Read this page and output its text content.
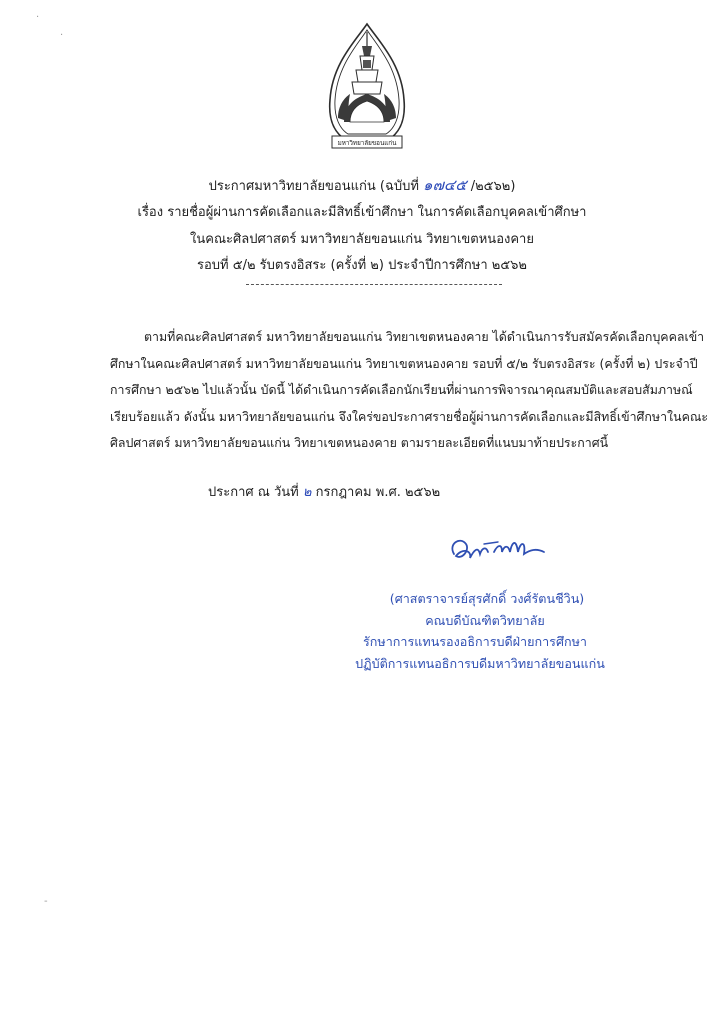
มหาวิทยาลัยขอนแก่น
ประกาศมหาวิทยาลัยขอนแก่น (ฉบับที่ ๑๗๔๕ /๒๕๖๒)
เรื่อง รายชื่อผู้ผ่านการคัดเลือกและมีสิทธิ์เข้าศึกษา ในการคัดเลือกบุคคลเข้าศึกษา
ในคณะศิลปศาสตร์ มหาวิทยาลัยขอนแก่น วิทยาเขตหนองคาย
รอบที่ ๕/๒ รับตรงอิสระ (ครั้งที่ ๒) ประจำปีการศึกษา ๒๕๖๒
ตามที่คณะศิลปศาสตร์ มหาวิทยาลัยขอนแก่น วิทยาเขตหนองคาย ได้ดำเนินการรับสมัครคัดเลือกบุคคลเข้า
ศึกษาในคณะศิลปศาสตร์ มหาวิทยาลัยขอนแก่น วิทยาเขตหนองคาย รอบที่ ๕/๒ รับตรงอิสระ (ครั้งที่ ๒) ประจำปี
การศึกษา ๒๕๖๒ ไปแล้วนั้น บัดนี้ ได้ดำเนินการคัดเลือกนักเรียนที่ผ่านการพิจารณาคุณสมบัติและสอบสัมภาษณ์
เรียบร้อยแล้ว ดังนั้น มหาวิทยาลัยขอนแก่น จึงใคร่ขอประกาศรายชื่อผู้ผ่านการคัดเลือกและมีสิทธิ์เข้าศึกษาในคณะ
ศิลปศาสตร์ มหาวิทยาลัยขอนแก่น วิทยาเขตหนองคาย ตามรายละเอียดที่แนบมาท้ายประกาศนี้
ประกาศ ณ วันที่ ๒ กรกฎาคม พ.ศ. ๒๕๖๒
(ศาสตราจารย์สุรศักดิ์ วงศ์รัตนชีวิน)
คณบดีบัณฑิตวิทยาลัย
รักษาการแทนรองอธิการบดีฝ่ายการศึกษา
ปฏิบัติการแทนอธิการบดีมหาวิทยาลัยขอนแก่น
·
·
-
